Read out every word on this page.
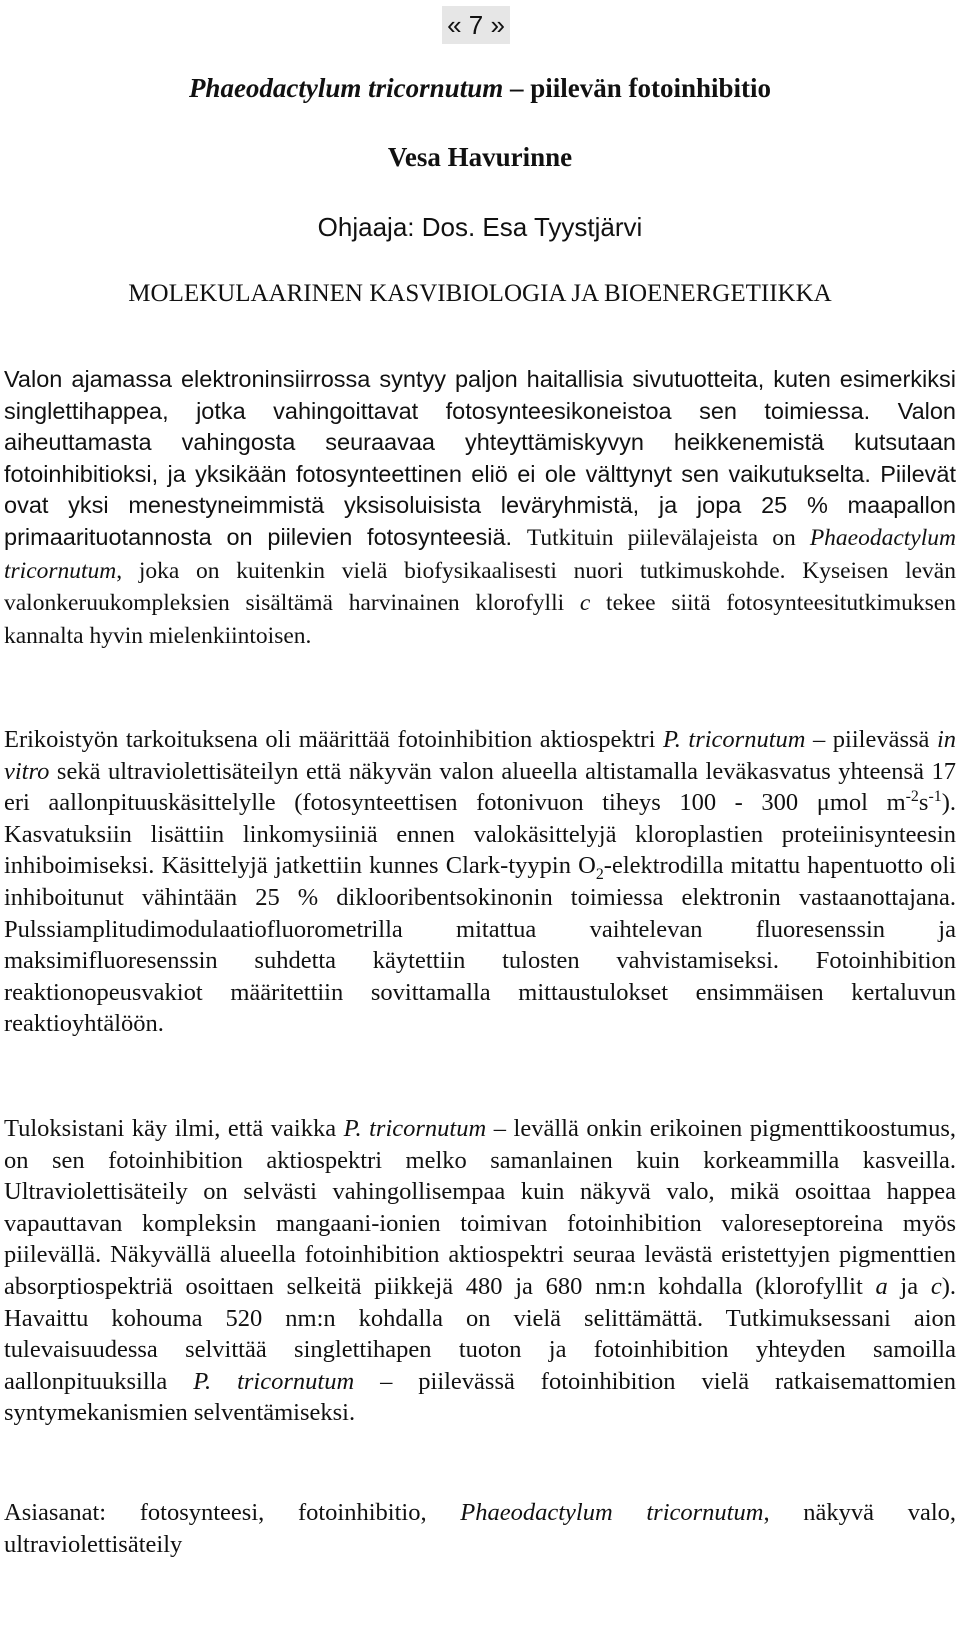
« 7 »
Phaeodactylum tricornutum – piilevän fotoinhibitio
Vesa Havurinne
Ohjaaja: Dos. Esa Tyystjärvi
MOLEKULAARINEN KASVIBIOLOGIA JA BIOENERGETIIKKA

Valon ajamassa elektroninsiirrossa syntyy paljon haitallisia sivutuotteita, kuten esimerkiksi singlettihappea, jotka vahingoittavat fotosynteesikoneistoa sen toimiessa. Valon aiheuttamasta vahingosta seuraavaa yhteyttämiskyvyn heikkenemistä kutsutaan fotoinhibitioksi, ja yksikään fotosynteettinen eliö ei ole välttynyt sen vaikutukselta. Piilevät ovat yksi menestyneimmistä yksisoluisista leväryhmistä, ja jopa 25 % maapallon primaarituotannosta on piilevien fotosynteesiä. Tutkituin piilevälajeista on Phaeodactylum tricornutum, joka on kuitenkin vielä biofysikaalisesti nuori tutkimuskohde. Kyseisen levän valonkeruukompleksien sisältämä harvinainen klorofylli c tekee siitä fotosynteesitutkimuksen kannalta hyvin mielenkiintoisen.

Erikoistyön tarkoituksena oli määrittää fotoinhibition aktiospektri P. tricornutum – piilevässä in vitro sekä ultraviolettisäteilyn että näkyvän valon alueella altistamalla leväkasvatus yhteensä 17 eri aallonpituuskäsittelylle (fotosynteettisen fotonivuon tiheys 100 - 300 μmol $m^{-2}s^{-1}$). Kasvatuksiin lisättiin linkomysiiniä ennen valokäsittelyjä kloroplastien proteiinisynteesin inhiboimiseksi. Käsittelyjä jatkettiin kunnes Clark-tyypin $O_2$-elektrodilla mitattu hapentuotto oli inhiboitunut vähintään 25 % diklooribentsokinonin toimiessa elektronin vastaanottajana. Pulssiamplitudimodulaatiofluorometrilla mitattua vaihtelevan fluoresenssin ja maksimifluoresenssin suhdetta käytettiin tulosten vahvistamiseksi. Fotoinhibition reaktionopeusvakiot määritettiin sovittamalla mittaustulokset ensimmäisen kertaluvun reaktioyhtälöön.

Tuloksistani käy ilmi, että vaikka P. tricornutum – levällä onkin erikoinen pigmenttikoostumus, on sen fotoinhibition aktiospektri melko samanlainen kuin korkeammilla kasveilla. Ultraviolettisäteily on selvästi vahingollisempaa kuin näkyvä valo, mikä osoittaa happea vapauttavan kompleksin mangaani-ionien toimivan fotoinhibition valoreseptoreina myös piilevällä. Näkyvällä alueella fotoinhibition aktiospektri seuraa levästä eristettyjen pigmenttien absorptiospektriä osoittaen selkeitä piikkejä 480 ja 680 nm:n kohdalla (klorofyllit a ja c). Havaittu kohouma 520 nm:n kohdalla on vielä selittämättä. Tutkimuksessani aion tulevaisuudessa selvittää singlettihapen tuoton ja fotoinhibition yhteyden samoilla aallonpituuksilla P. tricornutum – piilevässä fotoinhibition vielä ratkaisemattomien syntymekanismien selventämiseksi.

Asiasanat: fotosynteesi, fotoinhibitio, Phaeodactylum tricornutum, näkyvä valo, ultraviolettisäteily
